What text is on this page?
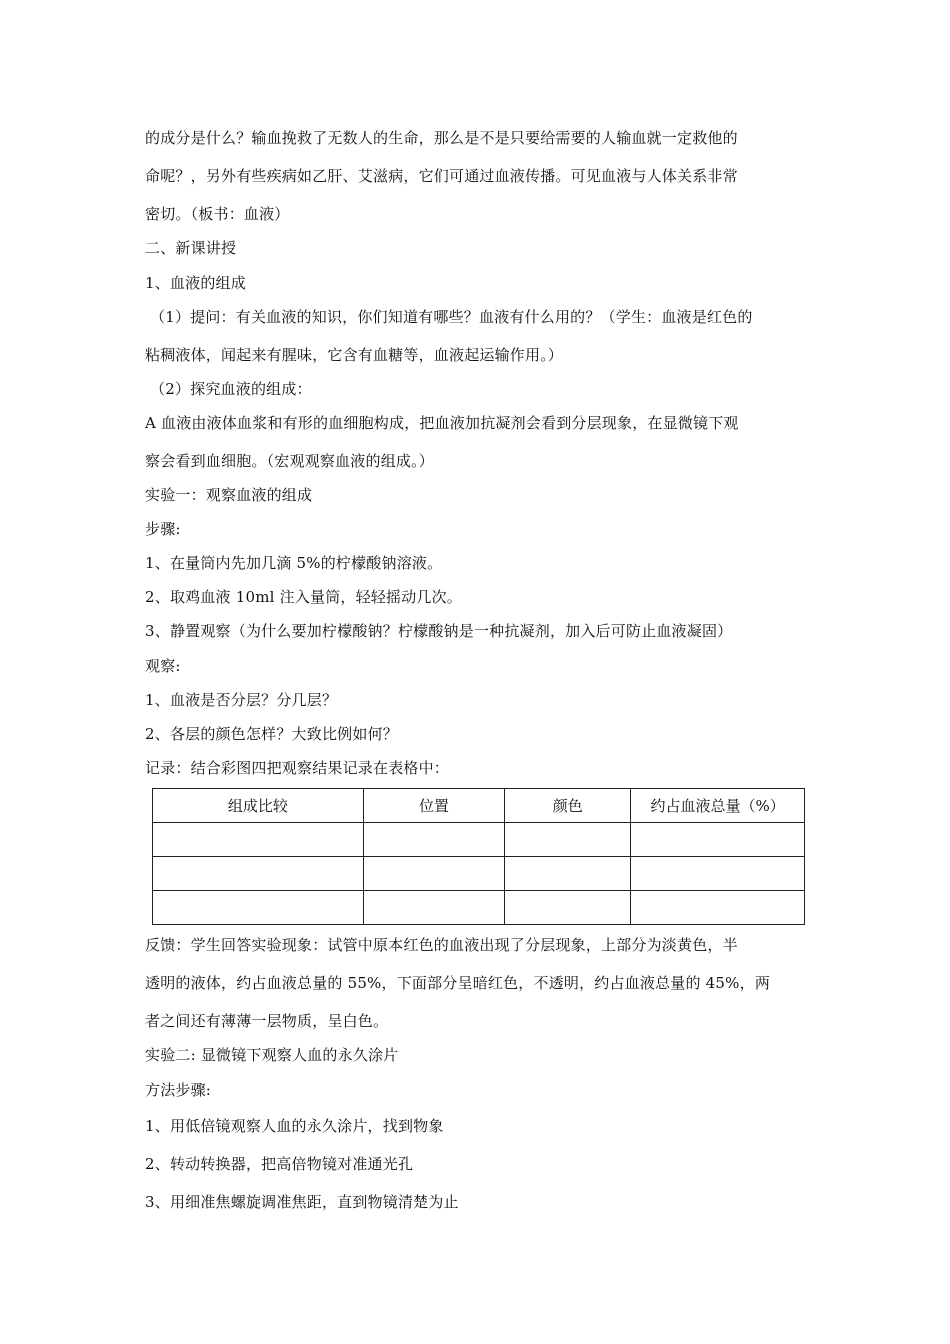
的成分是什么？输血挽救了无数人的生命，那么是不是只要给需要的人输血就一定救他的
命呢？，另外有些疾病如乙肝、艾滋病，它们可通过血液传播。可见血液与人体关系非常
密切。（板书：血液）
二、新课讲授
1、血液的组成
（1）提问：有关血液的知识，你们知道有哪些？血液有什么用的？（学生：血液是红色的
粘稠液体，闻起来有腥味，它含有血糖等，血液起运输作用。）
（2）探究血液的组成：
A 血液由液体血浆和有形的血细胞构成，把血液加抗凝剂会看到分层现象，在显微镜下观
察会看到血细胞。（宏观观察血液的组成。）
实验一：观察血液的组成
步骤:
1、在量筒内先加几滴 5%的柠檬酸钠溶液。
2、取鸡血液 10ml 注入量筒，轻轻摇动几次。
3、静置观察（为什么要加柠檬酸钠？柠檬酸钠是一种抗凝剂，加入后可防止血液凝固）
观察:
1、血液是否分层？分几层？
2、各层的颜色怎样？大致比例如何？
记录：结合彩图四把观察结果记录在表格中：
组成比较	位置	颜色	约占血液总量（%）

反馈：学生回答实验现象：试管中原本红色的血液出现了分层现象，上部分为淡黄色，半
透明的液体，约占血液总量的 55%，下面部分呈暗红色，不透明，约占血液总量的 45%，两
者之间还有薄薄一层物质，呈白色。
实验二: 显微镜下观察人血的永久涂片
方法步骤:
1、用低倍镜观察人血的永久涂片，找到物象
2、转动转换器，把高倍物镜对准通光孔
3、用细准焦螺旋调准焦距，直到物镜清楚为止
